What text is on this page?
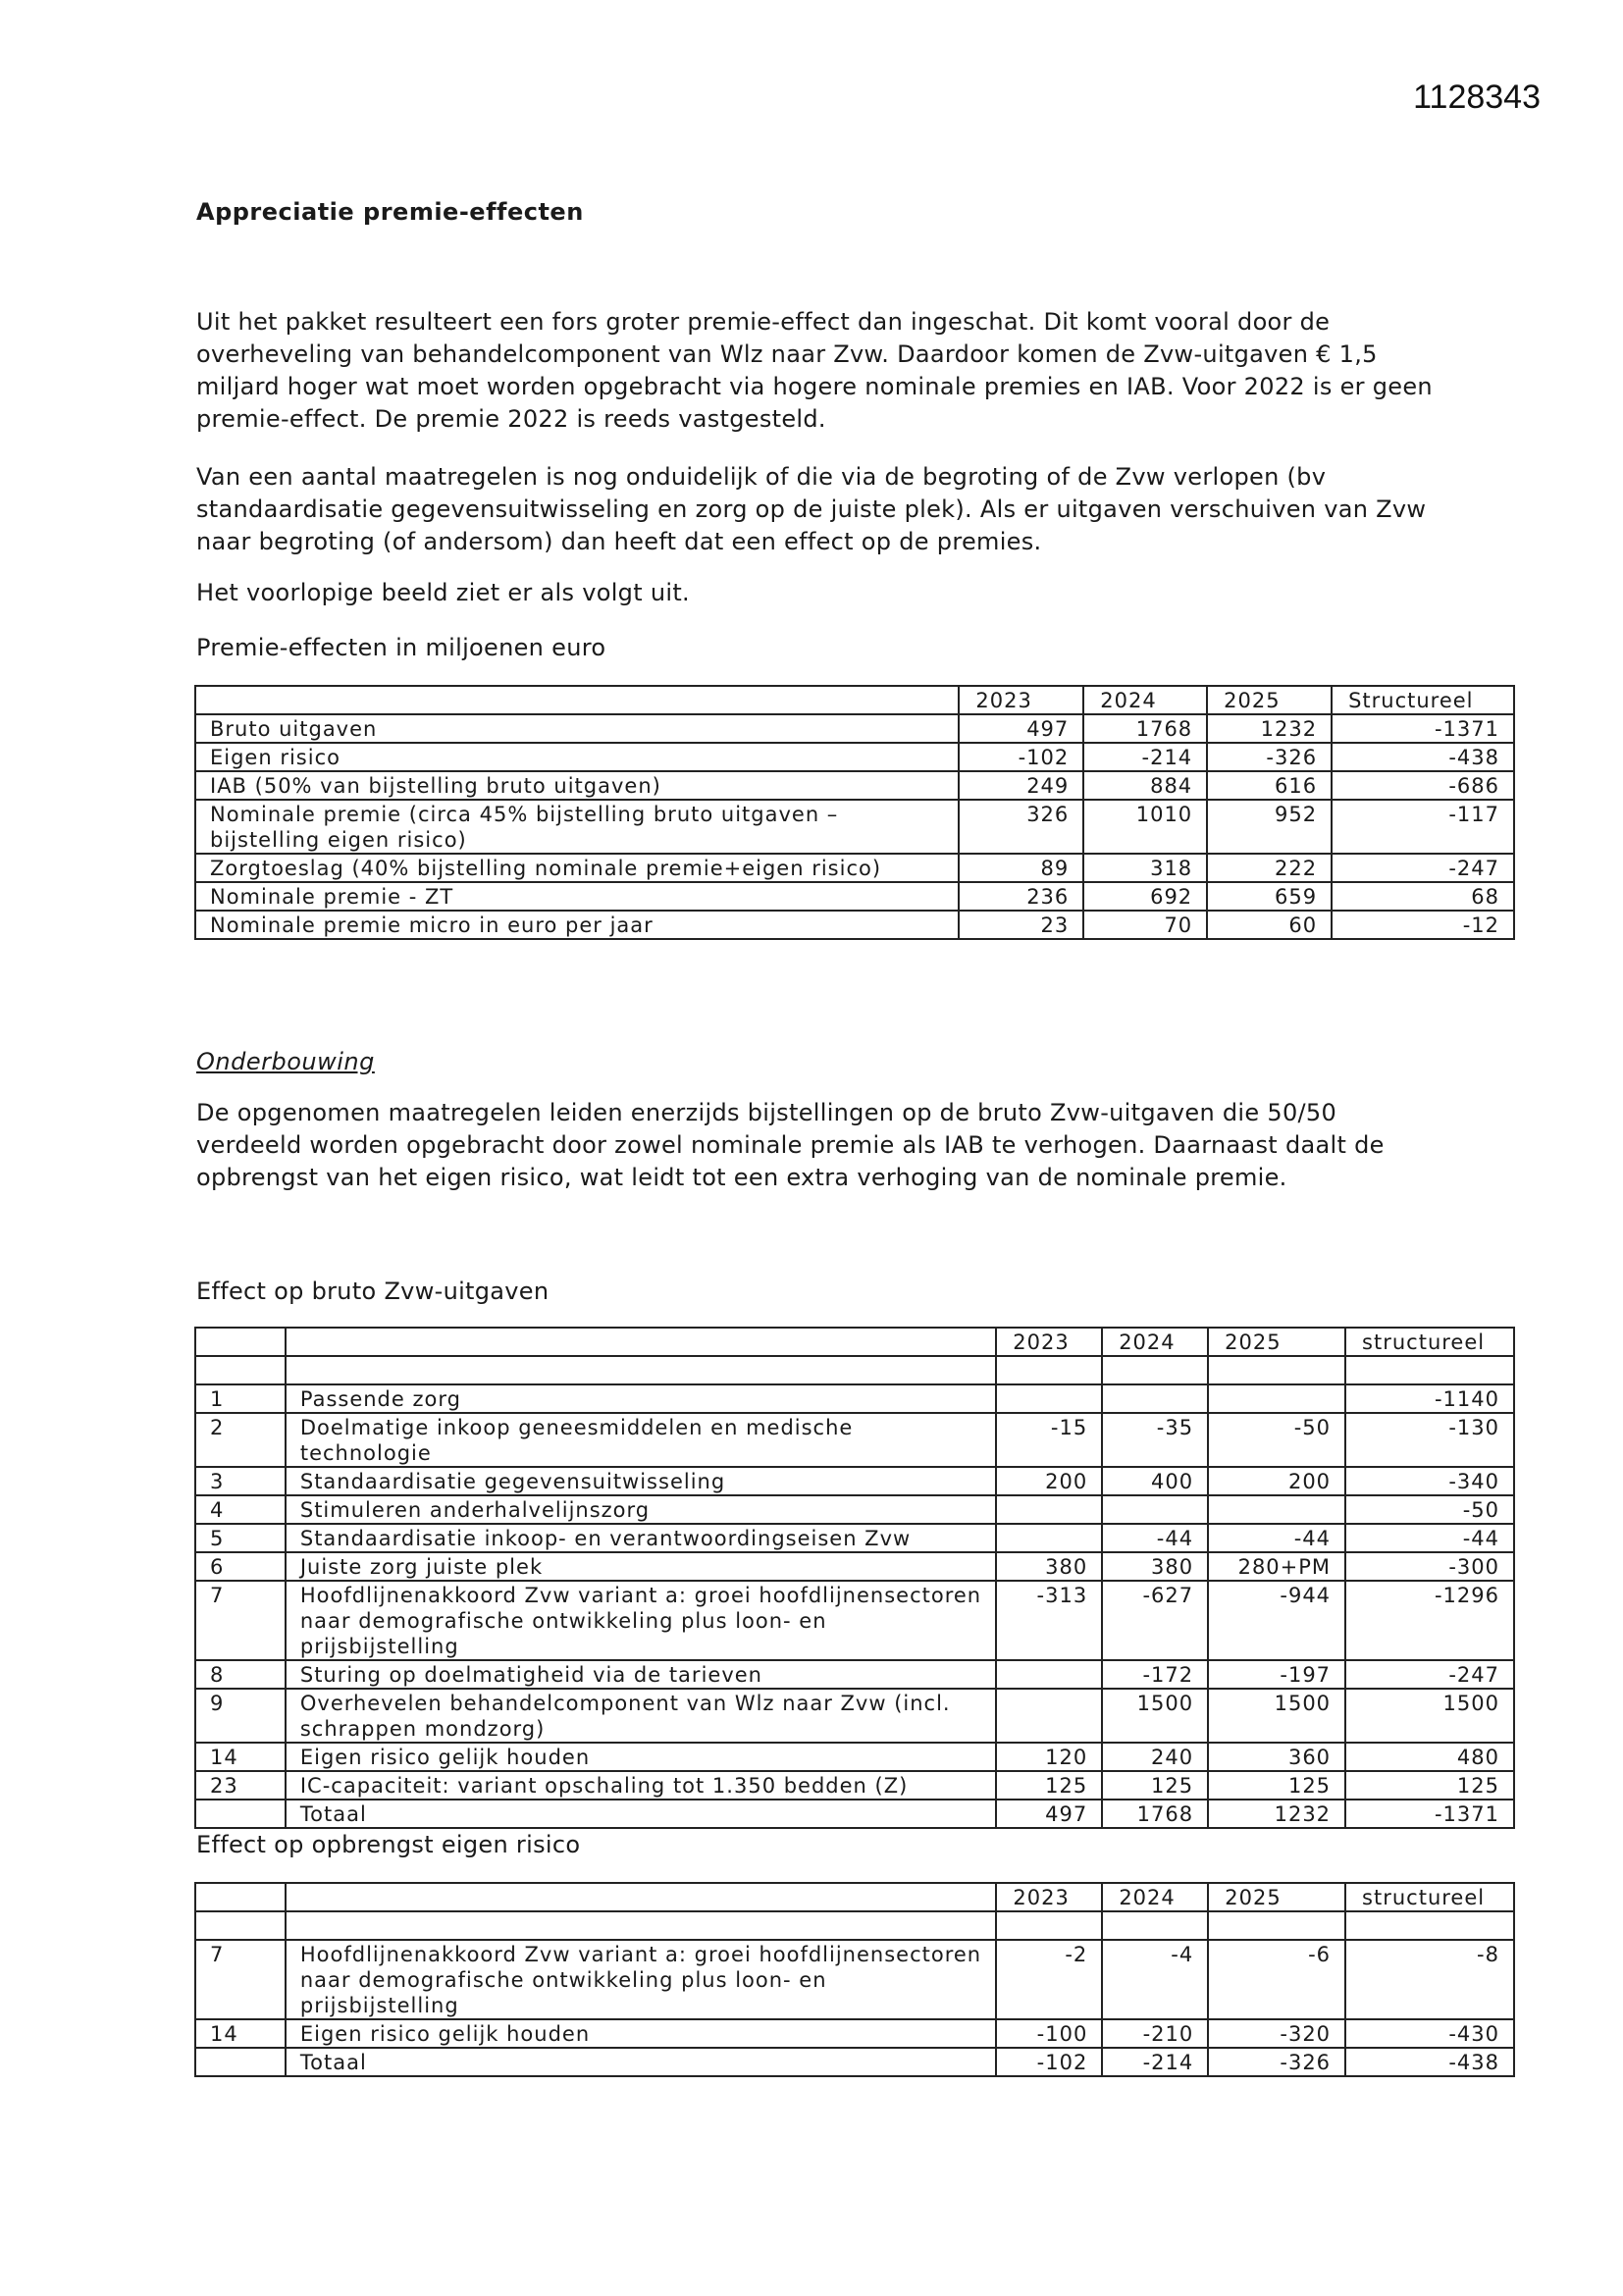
1128343
Appreciatie premie-effecten
Uit het pakket resulteert een fors groter premie-effect dan ingeschat. Dit komt vooral door de overheveling van behandelcomponent van Wlz naar Zvw. Daardoor komen de Zvw-uitgaven € 1,5 miljard hoger wat moet worden opgebracht via hogere nominale premies en IAB. Voor 2022 is er geen premie-effect. De premie 2022 is reeds vastgesteld.
Van een aantal maatregelen is nog onduidelijk of die via de begroting of de Zvw verlopen (bv standaardisatie gegevensuitwisseling en zorg op de juiste plek). Als er uitgaven verschuiven van Zvw naar begroting (of andersom) dan heeft dat een effect op de premies.
Het voorlopige beeld ziet er als volgt uit.
Premie-effecten in miljoenen euro
	2023	2024	2025	Structureel
Bruto uitgaven	497	1768	1232	-1371
Eigen risico	-102	-214	-326	-438
IAB (50% van bijstelling bruto uitgaven)	249	884	616	-686
Nominale premie (circa 45% bijstelling bruto uitgaven – bijstelling eigen risico)	326	1010	952	-117
Zorgtoeslag (40% bijstelling nominale premie+eigen risico)	89	318	222	-247
Nominale premie - ZT	236	692	659	68
Nominale premie micro in euro per jaar	23	70	60	-12
Onderbouwing
De opgenomen maatregelen leiden enerzijds bijstellingen op de bruto Zvw-uitgaven die 50/50 verdeeld worden opgebracht door zowel nominale premie als IAB te verhogen. Daarnaast daalt de opbrengst van het eigen risico, wat leidt tot een extra verhoging van de nominale premie.
Effect op bruto Zvw-uitgaven
		2023	2024	2025	structureel

1	Passende zorg				-1140
2	Doelmatige inkoop geneesmiddelen en medische technologie	-15	-35	-50	-130
3	Standaardisatie gegevensuitwisseling	200	400	200	-340
4	Stimuleren anderhalvelijnszorg				-50
5	Standaardisatie inkoop- en verantwoordingseisen Zvw		-44	-44	-44
6	Juiste zorg juiste plek	380	380	280+PM	-300
7	Hoofdlijnenakkoord Zvw variant a: groei hoofdlijnensectoren naar demografische ontwikkeling plus loon- en prijsbijstelling	-313	-627	-944	-1296
8	Sturing op doelmatigheid via de tarieven		-172	-197	-247
9	Overhevelen behandelcomponent van Wlz naar Zvw (incl. schrappen mondzorg)		1500	1500	1500
14	Eigen risico gelijk houden	120	240	360	480
23	IC-capaciteit: variant opschaling tot 1.350 bedden (Z)	125	125	125	125
	Totaal	497	1768	1232	-1371
Effect op opbrengst eigen risico
		2023	2024	2025	structureel

7	Hoofdlijnenakkoord Zvw variant a: groei hoofdlijnensectoren naar demografische ontwikkeling plus loon- en prijsbijstelling	-2	-4	-6	-8
14	Eigen risico gelijk houden	-100	-210	-320	-430
	Totaal	-102	-214	-326	-438
